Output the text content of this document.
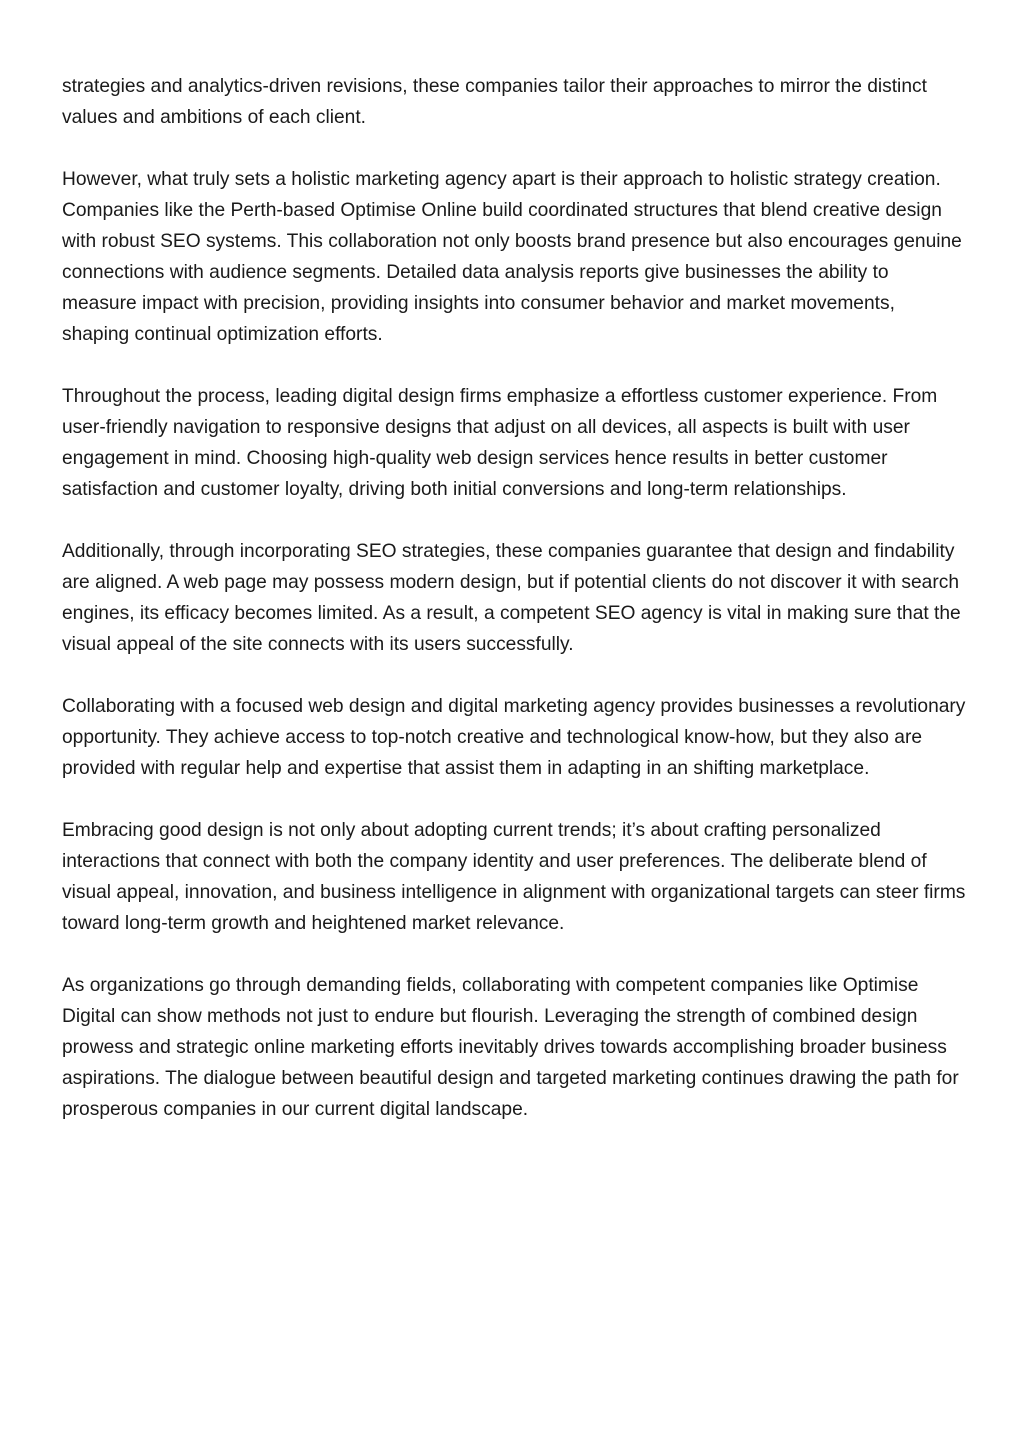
strategies and analytics-driven revisions, these companies tailor their approaches to mirror the distinct values and ambitions of each client.

However, what truly sets a holistic marketing agency apart is their approach to holistic strategy creation. Companies like the Perth-based Optimise Online build coordinated structures that blend creative design with robust SEO systems. This collaboration not only boosts brand presence but also encourages genuine connections with audience segments. Detailed data analysis reports give businesses the ability to measure impact with precision, providing insights into consumer behavior and market movements, shaping continual optimization efforts.

Throughout the process, leading digital design firms emphasize a effortless customer experience. From user-friendly navigation to responsive designs that adjust on all devices, all aspects is built with user engagement in mind. Choosing high-quality web design services hence results in better customer satisfaction and customer loyalty, driving both initial conversions and long-term relationships.

Additionally, through incorporating SEO strategies, these companies guarantee that design and findability are aligned. A web page may possess modern design, but if potential clients do not discover it with search engines, its efficacy becomes limited. As a result, a competent SEO agency is vital in making sure that the visual appeal of the site connects with its users successfully.

Collaborating with a focused web design and digital marketing agency provides businesses a revolutionary opportunity. They achieve access to top-notch creative and technological know-how, but they also are provided with regular help and expertise that assist them in adapting in an shifting marketplace.

Embracing good design is not only about adopting current trends; it’s about crafting personalized interactions that connect with both the company identity and user preferences. The deliberate blend of visual appeal, innovation, and business intelligence in alignment with organizational targets can steer firms toward long-term growth and heightened market relevance.

As organizations go through demanding fields, collaborating with competent companies like Optimise Digital can show methods not just to endure but flourish. Leveraging the strength of combined design prowess and strategic online marketing efforts inevitably drives towards accomplishing broader business aspirations. The dialogue between beautiful design and targeted marketing continues drawing the path for prosperous companies in our current digital landscape.
